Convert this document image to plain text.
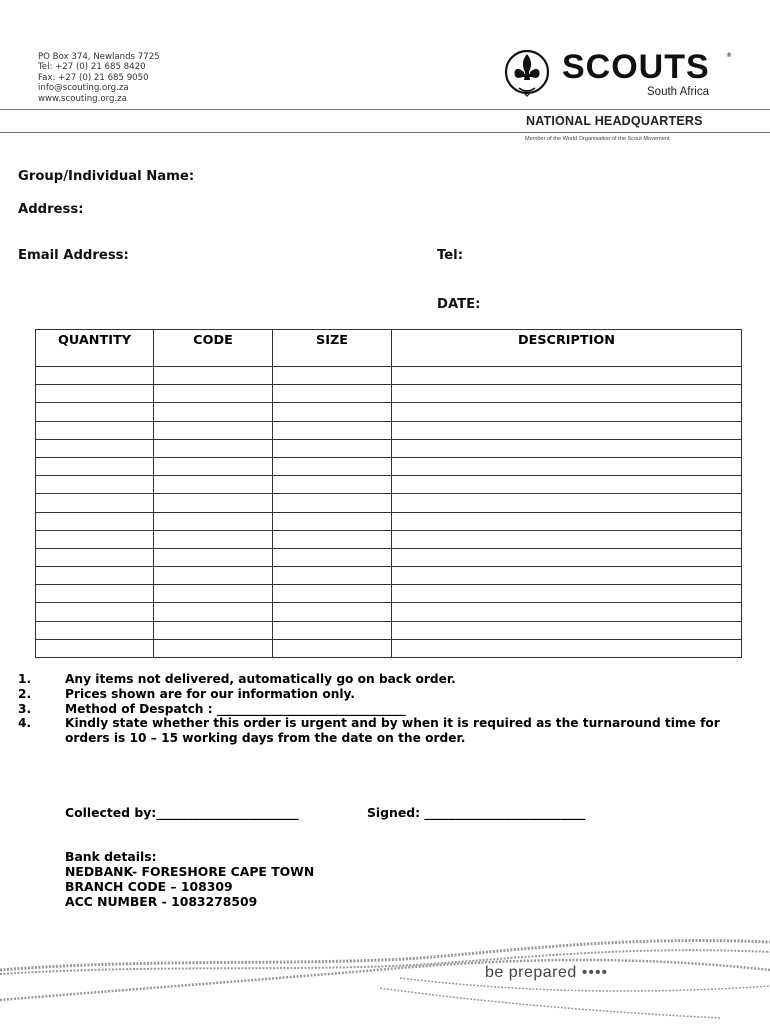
PO Box 374, Newlands 7725
Tel: +27 (0) 21 685 8420
Fax: +27 (0) 21 685 9050
info@scouting.org.za
www.scouting.org.za
SCOUTS	®
South Africa
NATIONAL HEADQUARTERS
Member of the World Organisation of the Scout Movement
Group/Individual Name:
Address:
Email Address:	Tel:
DATE:
QUANTITY	CODE	SIZE	DESCRIPTION

1.	Any items not delivered, automatically go on back order.
2.	Prices shown are for our information only.
3.	Method of Despatch : _______________________________
4.	Kindly state whether this order is urgent and by when it is required as the turnaround time for orders is 10 – 15 working days from the date on the order.
Collected by:_______________________	Signed: __________________________
Bank details:
NEDBANK- FORESHORE CAPE TOWN
BRANCH CODE – 108309
ACC NUMBER - 1083278509
be prepared ••••
